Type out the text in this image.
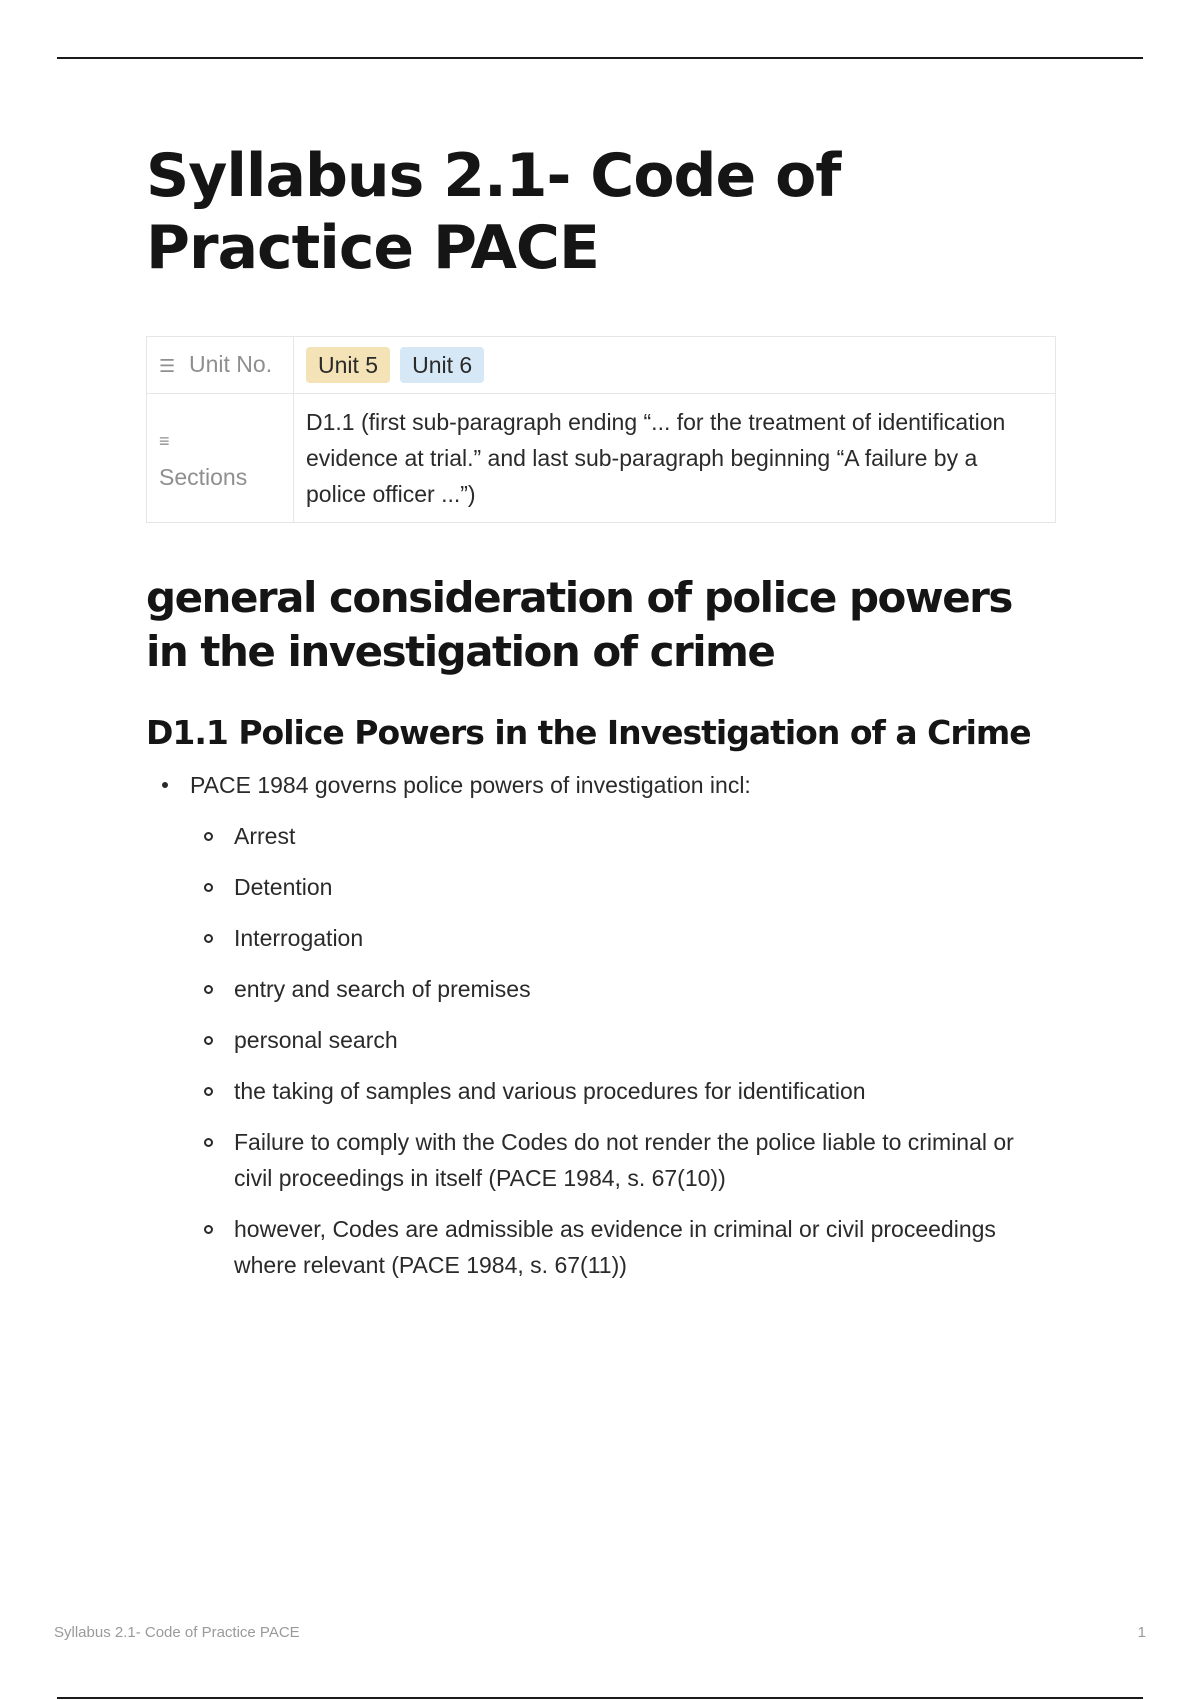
Syllabus 2.1- Code of Practice PACE
☰ Unit No.	Unit 5 Unit 6
≡
Sections	D1.1 (first sub-paragraph ending “... for the treatment of identification evidence at trial.” and last sub-paragraph beginning “A failure by a police officer ...”)
general consideration of police powers in the investigation of crime
D1.1 Police Powers in the Investigation of a Crime
PACE 1984 governs police powers of investigation incl:
Arrest
Detention
Interrogation
entry and search of premises
personal search
the taking of samples and various procedures for identification
Failure to comply with the Codes do not render the police liable to criminal or civil proceedings in itself (PACE 1984, s. 67(10))
however, Codes are admissible as evidence in criminal or civil proceedings where relevant (PACE 1984, s. 67(11))
Syllabus 2.1- Code of Practice PACE	1
